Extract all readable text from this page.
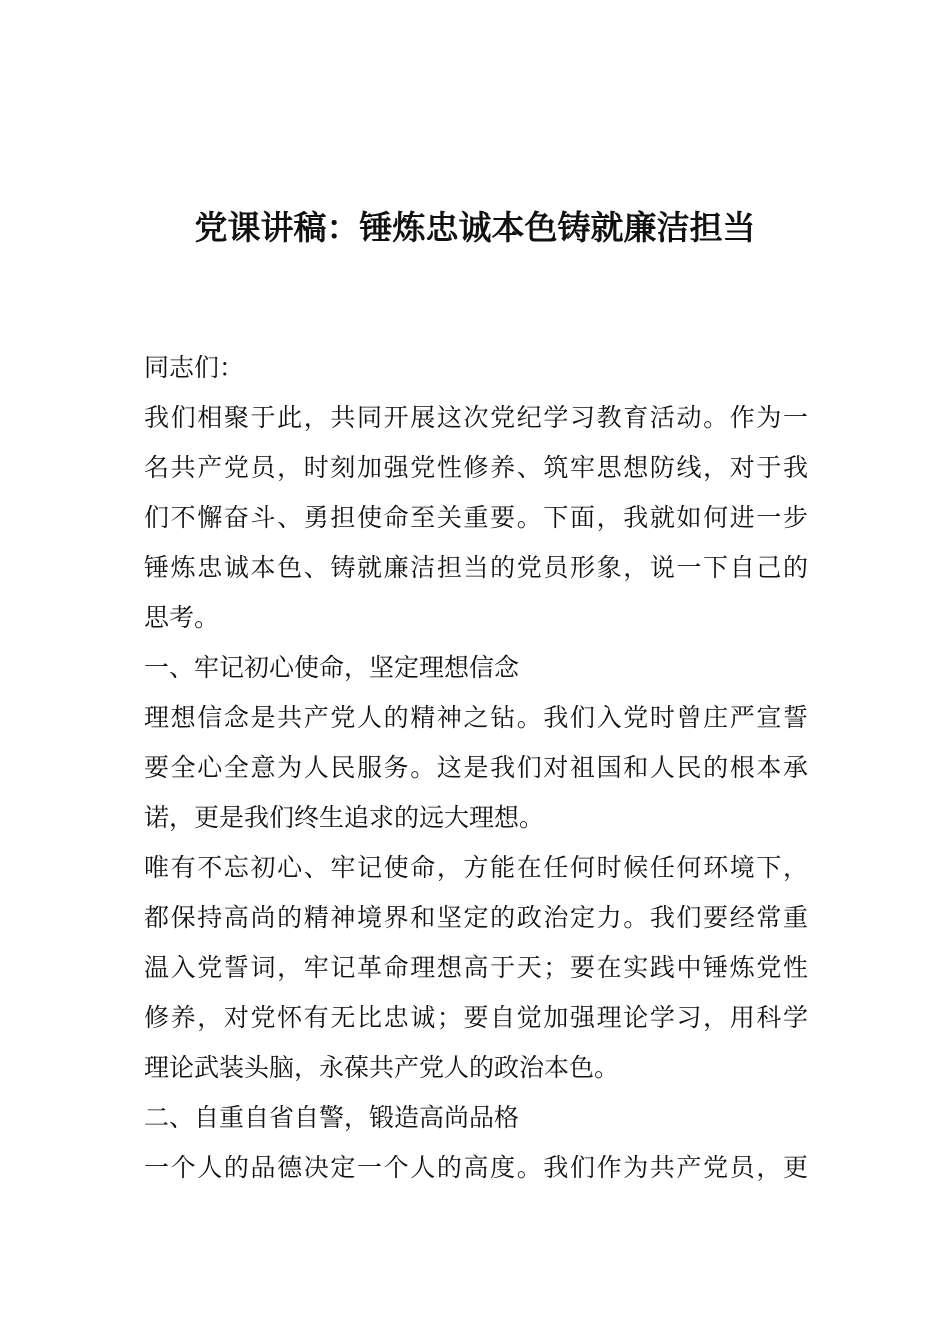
党课讲稿：锤炼忠诚本色铸就廉洁担当
同志们：
我们相聚于此，共同开展这次党纪学习教育活动。作为一
名共产党员，时刻加强党性修养、筑牢思想防线，对于我
们不懈奋斗、勇担使命至关重要。下面，我就如何进一步
锤炼忠诚本色、铸就廉洁担当的党员形象，说一下自己的
思考。
一、牢记初心使命，坚定理想信念
理想信念是共产党人的精神之钻。我们入党时曾庄严宣誓
要全心全意为人民服务。这是我们对祖国和人民的根本承
诺，更是我们终生追求的远大理想。
唯有不忘初心、牢记使命，方能在任何时候任何环境下，
都保持高尚的精神境界和坚定的政治定力。我们要经常重
温入党誓词，牢记革命理想高于天；要在实践中锤炼党性
修养，对党怀有无比忠诚；要自觉加强理论学习，用科学
理论武装头脑，永葆共产党人的政治本色。
二、自重自省自警，锻造高尚品格
一个人的品德决定一个人的高度。我们作为共产党员，更
